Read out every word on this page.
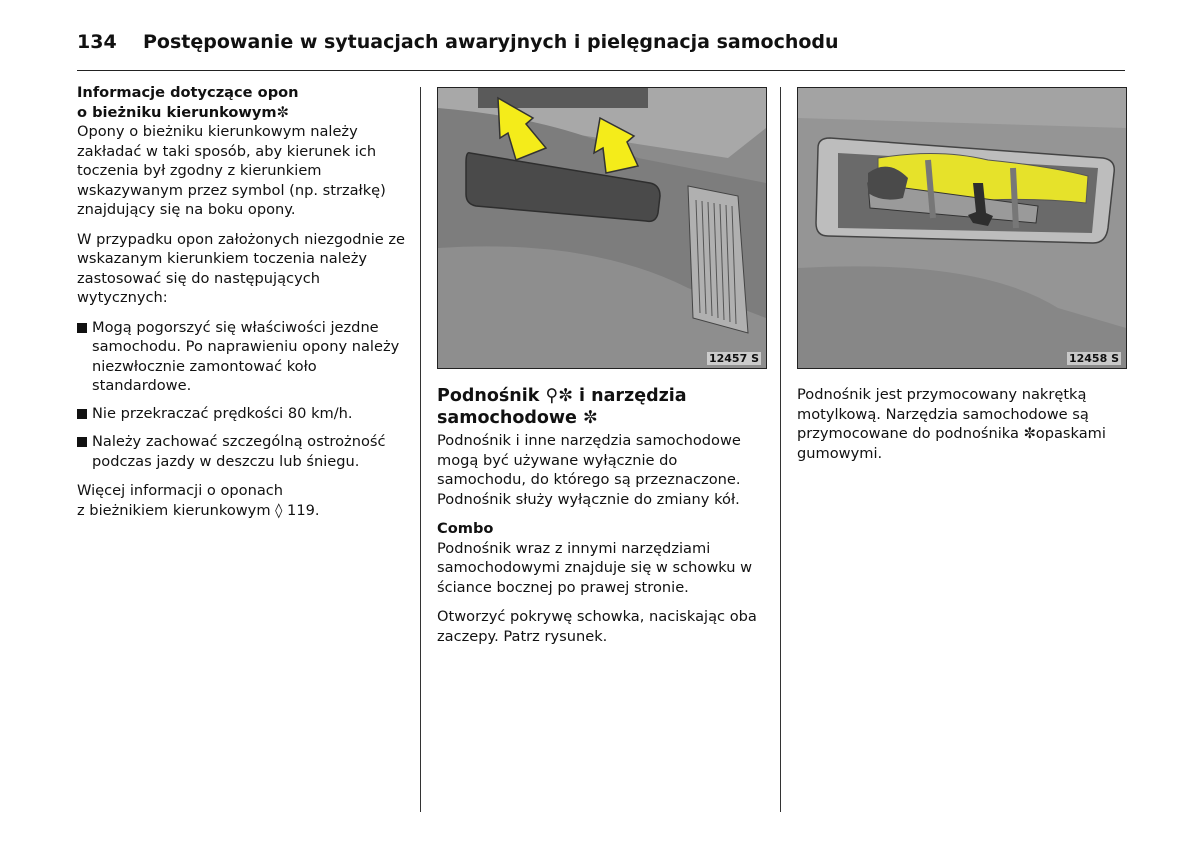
134 Postępowanie w sytuacjach awaryjnych i pielęgnacja samochodu
Informacje dotyczące opon
o bieżniku kierunkowym✼

Opony o bieżniku kierunkowym należy zakładać w taki sposób, aby kierunek ich toczenia był zgodny z kierunkiem wskazywanym przez symbol (np. strzałkę) znajdujący się na boku opony.

W przypadku opon założonych niezgodnie ze wskazanym kierunkiem toczenia należy zastosować się do następujących wytycznych:

Mogą pogorszyć się właściwości jezdne samochodu. Po naprawieniu opony należy niezwłocznie zamontować koło standardowe.
Nie przekraczać prędkości 80 km/h.
Należy zachować szczególną ostrożność podczas jazdy w deszczu lub śniegu.
Więcej informacji o oponach
z bieżnikiem kierunkowym ◊ 119.
12457 S	12458 S
Podnośnik ⚲✼ i narzędzia
samochodowe ✼

Podnośnik i inne narzędzia samochodowe mogą być używane wyłącznie do samochodu, do którego są przeznaczone. Podnośnik służy wyłącznie do zmiany kół.

Combo

Podnośnik wraz z innymi narzędziami samochodowymi znajduje się w schowku w ściance bocznej po prawej stronie.

Otworzyć pokrywę schowka, naciskając oba zaczepy. Patrz rysunek.

Podnośnik jest przymocowany nakrętką motylkową. Narzędzia samochodowe są przymocowane do podnośnika ✼opaskami gumowymi.
